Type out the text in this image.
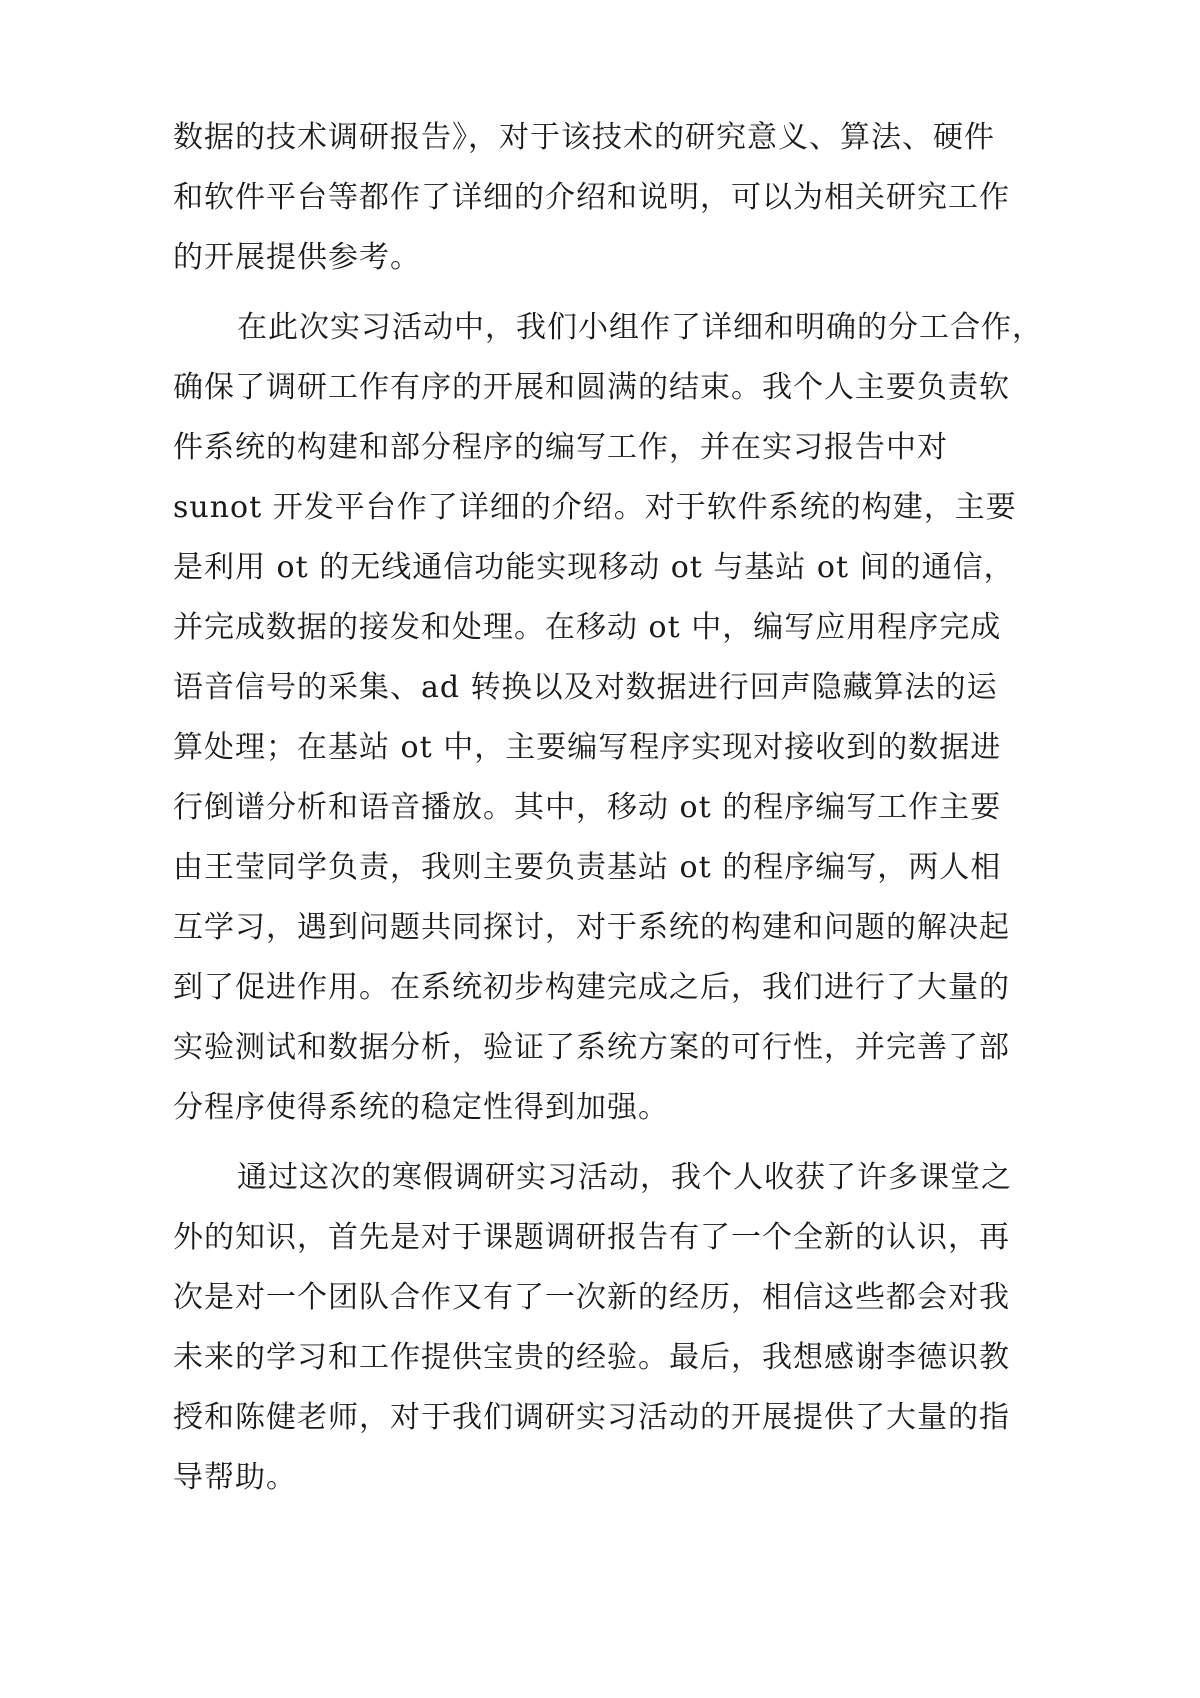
数据的技术调研报告》，对于该技术的研究意义、算法、硬件
和软件平台等都作了详细的介绍和说明，可以为相关研究工作
的开展提供参考。
在此次实习活动中，我们小组作了详细和明确的分工合作，
确保了调研工作有序的开展和圆满的结束。我个人主要负责软
件系统的构建和部分程序的编写工作，并在实习报告中对
sunot 开发平台作了详细的介绍。对于软件系统的构建，主要
是利用 ot 的无线通信功能实现移动 ot 与基站 ot 间的通信，
并完成数据的接发和处理。在移动 ot 中，编写应用程序完成
语音信号的采集、ad 转换以及对数据进行回声隐藏算法的运
算处理；在基站 ot 中，主要编写程序实现对接收到的数据进
行倒谱分析和语音播放。其中，移动 ot 的程序编写工作主要
由王莹同学负责，我则主要负责基站 ot 的程序编写，两人相
互学习，遇到问题共同探讨，对于系统的构建和问题的解决起
到了促进作用。在系统初步构建完成之后，我们进行了大量的
实验测试和数据分析，验证了系统方案的可行性，并完善了部
分程序使得系统的稳定性得到加强。
通过这次的寒假调研实习活动，我个人收获了许多课堂之
外的知识，首先是对于课题调研报告有了一个全新的认识，再
次是对一个团队合作又有了一次新的经历，相信这些都会对我
未来的学习和工作提供宝贵的经验。最后，我想感谢李德识教
授和陈健老师，对于我们调研实习活动的开展提供了大量的指
导帮助。
